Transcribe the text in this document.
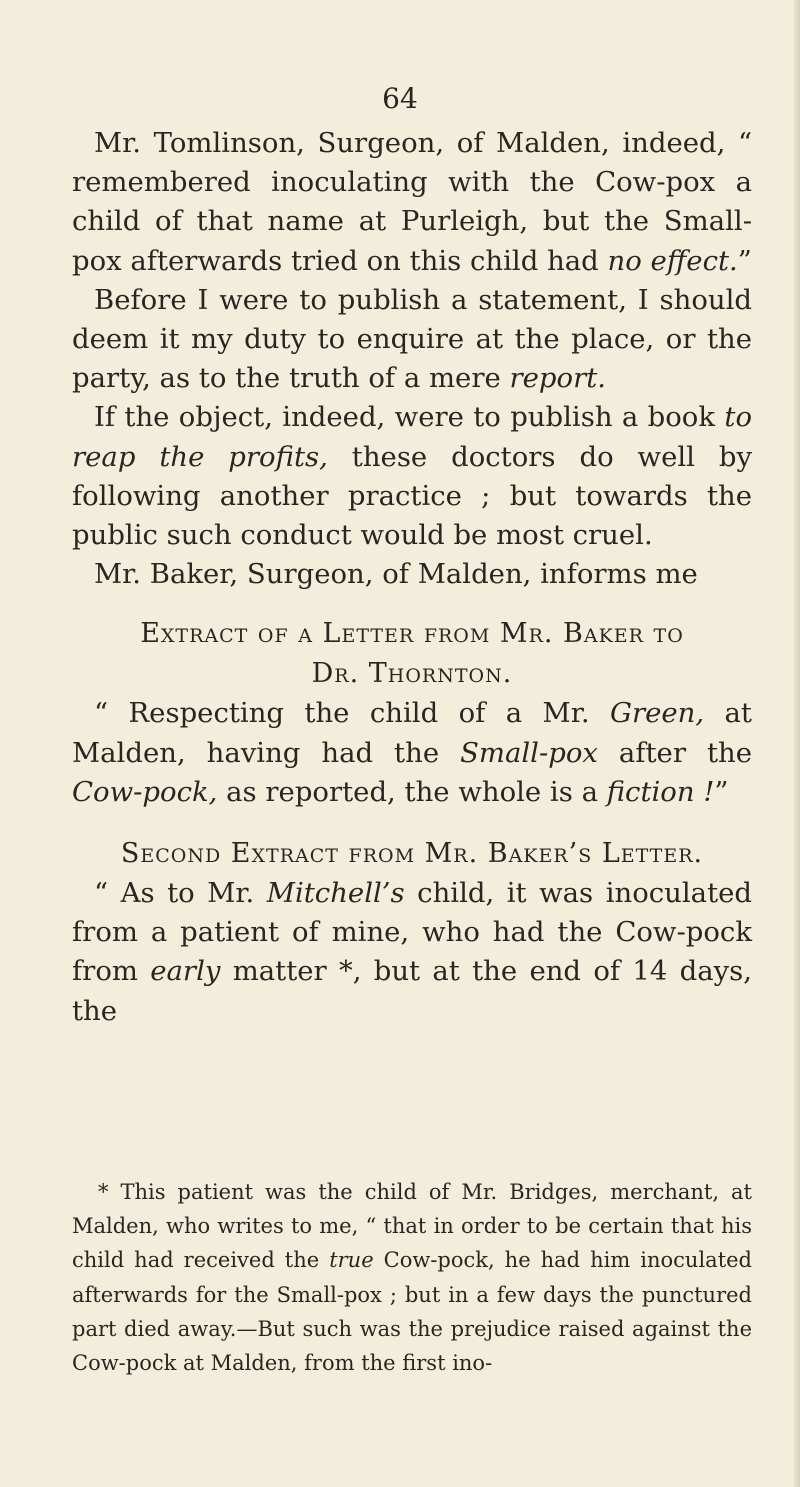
64

Mr. Tomlinson, Surgeon, of Malden, indeed, “ remembered inoculating with the Cow-pox a child of that name at Purleigh, but the Small-pox afterwards tried on this child had no effect.”

Before I were to publish a statement, I should deem it my duty to enquire at the place, or the party, as to the truth of a mere report.

If the object, indeed, were to publish a book to reap the profits, these doctors do well by following another practice ; but towards the public such conduct would be most cruel.

Mr. Baker, Surgeon, of Malden, informs me

Extract of a Letter from Mr. Baker to
Dr. Thornton.

“ Respecting the child of a Mr. Green, at Malden, having had the Small-pox after the Cow-pock, as reported, the whole is a fiction !”

Second Extract from Mr. Baker’s Letter.

“ As to Mr. Mitchell’s child, it was inoculated from a patient of mine, who had the Cow-pock from early matter *, but at the end of 14 days, the

* This patient was the child of Mr. Bridges, merchant, at Malden, who writes to me, “ that in order to be certain that his child had received the true Cow-pock, he had him inoculated afterwards for the Small-pox ; but in a few days the punctured part died away.—But such was the prejudice raised against the Cow-pock at Malden, from the first ino-
